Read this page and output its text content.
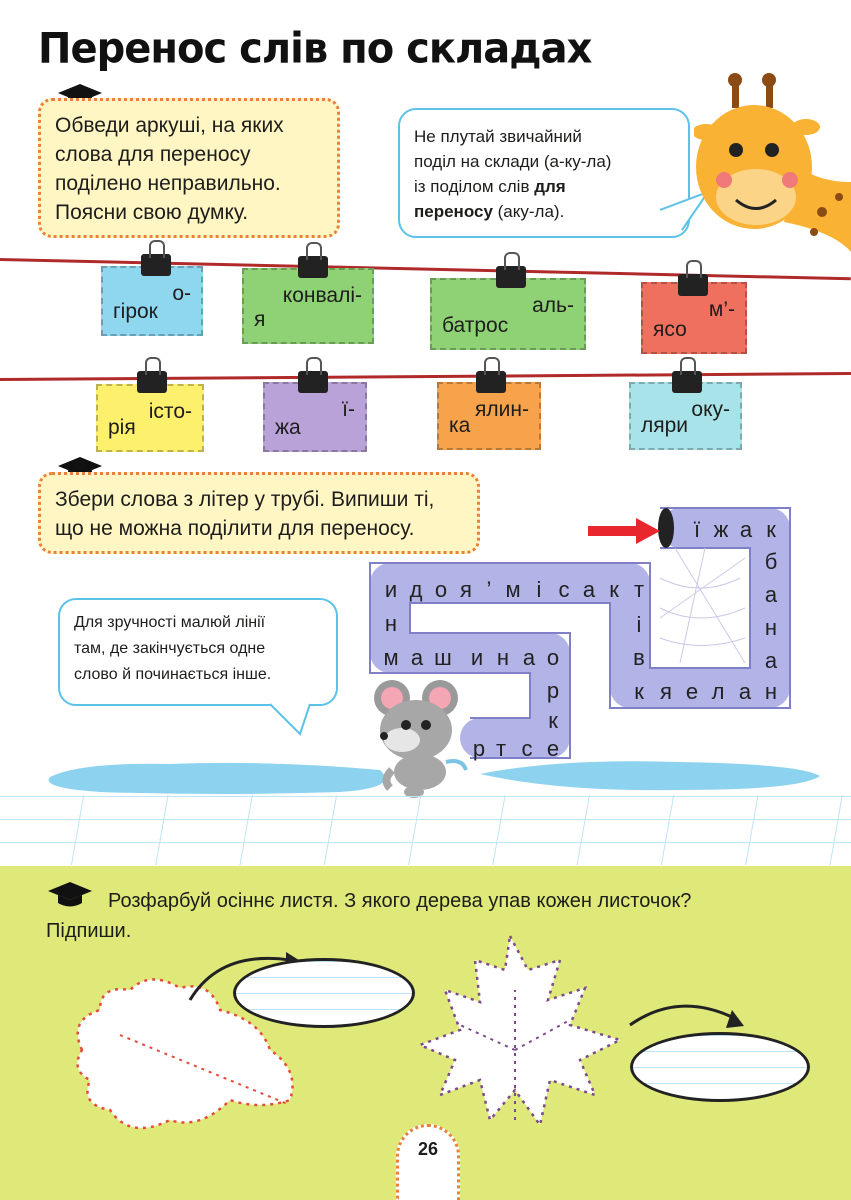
Перенос слів по складах
Обведи аркуші, на яких
слова для переносу
поділено неправильно.
Поясни свою думку.
Не плутай звичайний
поділ на склади (а-ку-ла)
із поділом слів для
переносу (аку-ла).
о-
гірок
конвалі-
я
аль-
батрос
м’-
ясо
істо-
рія
ї-
жа
ялин-
ка
оку-
ляри
Збери слова з літер у трубі. Випиши ті,
що не можна поділити для переносу.
Для зручності малюй лінії
там, де закінчується одне
слово й починається інше.
ї ж а к
б
а
н
а
н
а
л
е
я
к
в
і
т
и д о я ’ м і с а к
н
м а ш и н а о
р
к
р т с е
Розфарбуй осіннє листя. З якого дерева упав кожен листочок?
Підпиши.
26
